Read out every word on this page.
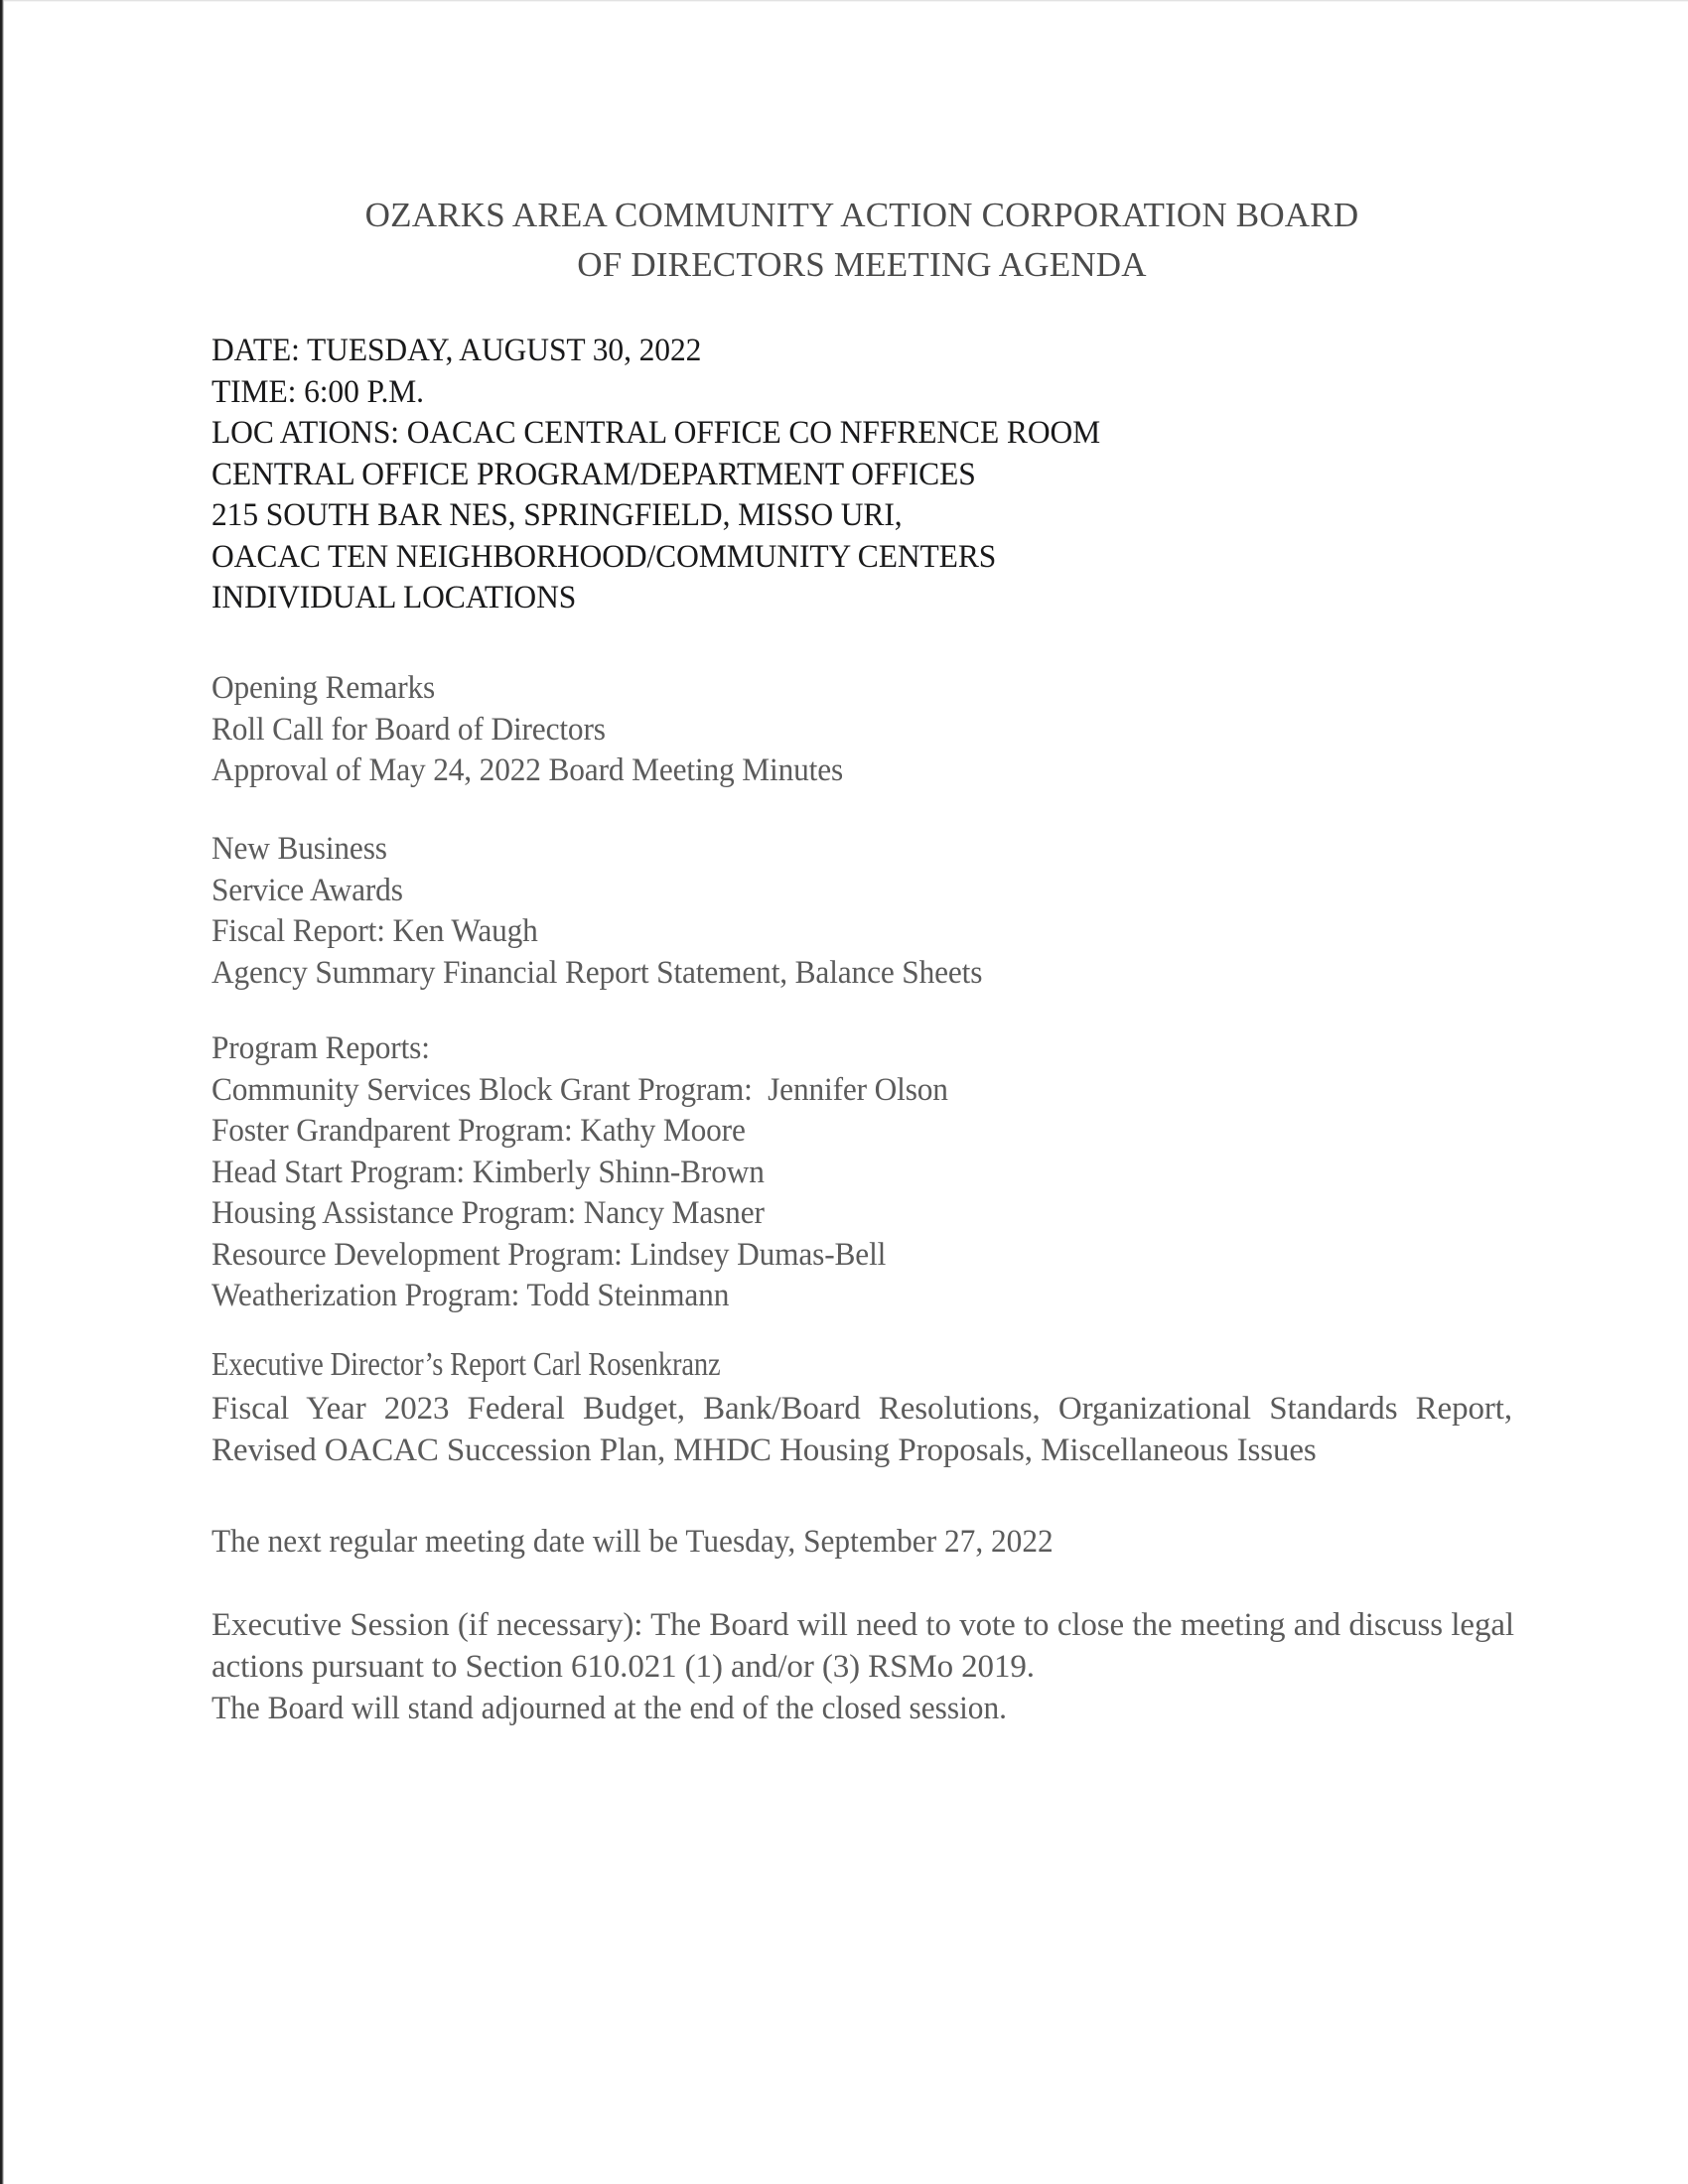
OZARKS AREA COMMUNITY ACTION CORPORATION BOARD
OF DIRECTORS MEETING AGENDA
DATE: TUESDAY, AUGUST 30, 2022
TIME: 6:00 P.M.
LOC ATIONS: OACAC CENTRAL OFFICE CO NFFRENCE ROOM
CENTRAL OFFICE PROGRAM/DEPARTMENT OFFICES
215 SOUTH BAR NES, SPRINGFIELD, MISSO URI,
OACAC TEN NEIGHBORHOOD/COMMUNITY CENTERS
INDIVIDUAL LOCATIONS
Opening Remarks
Roll Call for Board of Directors
Approval of May 24, 2022 Board Meeting Minutes
New Business
Service Awards
Fiscal Report: Ken Waugh
Agency Summary Financial Report Statement, Balance Sheets
Program Reports:
Community Services Block Grant Program:  Jennifer Olson
Foster Grandparent Program: Kathy Moore
Head Start Program: Kimberly Shinn-Brown
Housing Assistance Program: Nancy Masner
Resource Development Program: Lindsey Dumas-Bell
Weatherization Program: Todd Steinmann
Executive Director’s Report Carl Rosenkranz

Fiscal Year 2023 Federal Budget, Bank/Board Resolutions, Organizational Standards Report, Revised OACAC Succession Plan, MHDC Housing Proposals, Miscellaneous Issues

The next regular meeting date will be Tuesday, September 27, 2022

Executive Session (if necessary): The Board will need to vote to close the meeting and discuss legal actions pursuant to Section 610.021 (1) and/or (3) RSMo 2019.

The Board will stand adjourned at the end of the closed session.
